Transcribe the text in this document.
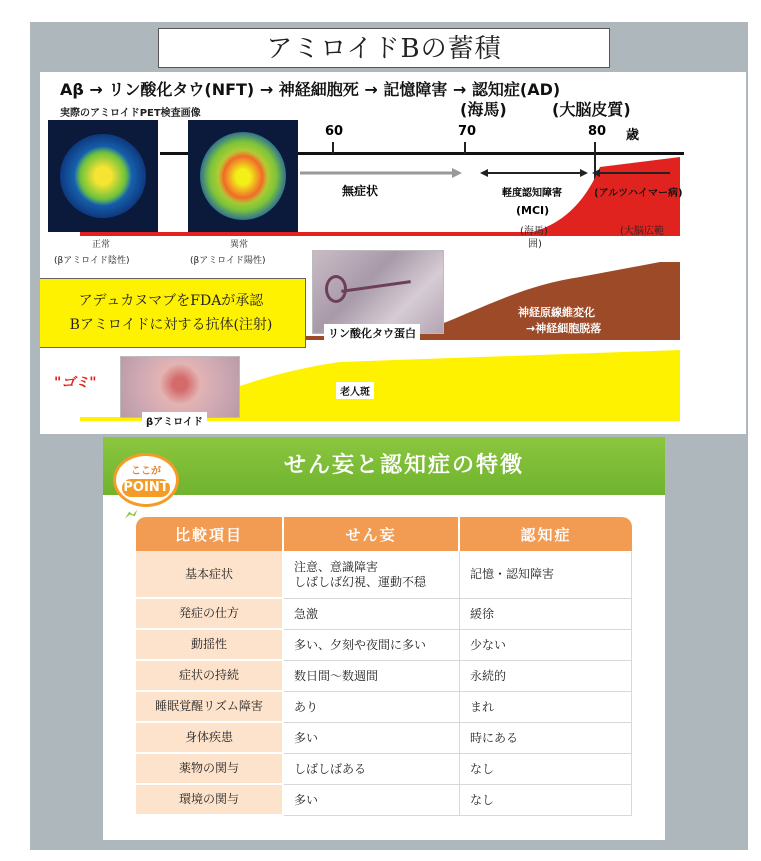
アミロイドBの蓄積
Aβ → リン酸化タウ(NFT) → 神経細胞死 → 記憶障害 → 認知症(AD)
(海馬)	(大脳皮質)
実際のアミロイドPET検査画像
60	70	80 歳
正常
(βアミロイド陰性)
異常
(βアミロイド陽性)
無症状	軽度認知障害
(MCI)
(海馬)
囲)
(アルツハイマー病)
(大脳広範
リン酸化タウ蛋白
神経原線維変化
→神経細胞脱落
アデュカヌマブをFDAが承認
Bアミロイドに対する抗体(注射)
"ゴミ"
βアミロイド
老人斑
せん妄と認知症の特徴
ここが
POINT
比較項目	せん妄	認知症
基本症状	注意、意識障害
しばしば幻視、運動不穏	記憶・認知障害
発症の仕方	急激	緩徐
動揺性	多い、夕刻や夜間に多い	少ない
症状の持続	数日間～数週間	永続的
睡眠覚醒リズム障害	あり	まれ
身体疾患	多い	時にある
薬物の関与	しばしばある	なし
環境の関与	多い	なし
